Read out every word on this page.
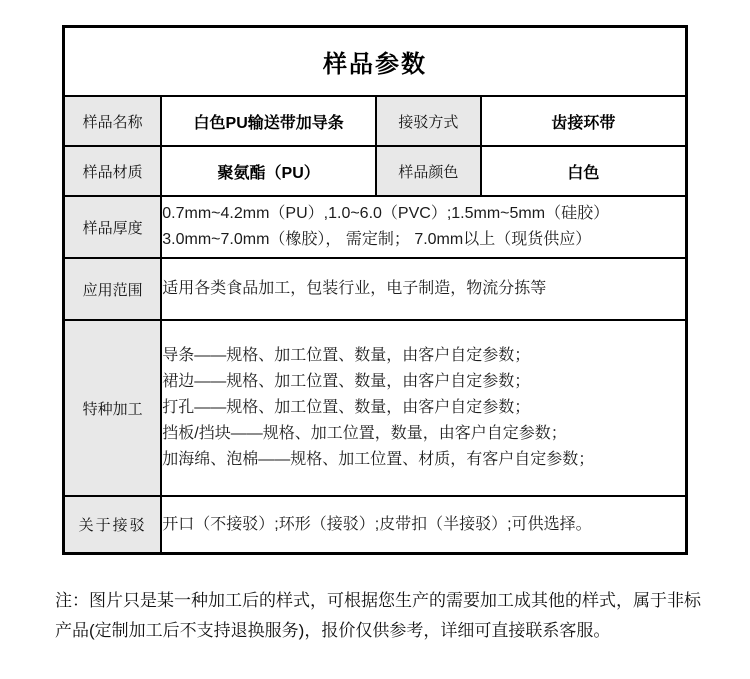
样品参数			
样品名称	白色PU输送带加导条	接驳方式	齿接环带
样品材质	聚氨酯（PU）	样品颜色	白色
样品厚度	0.7mm~4.2mm（PU）,1.0~6.0（PVC）;1.5mm~5mm（硅胶）
3.0mm~7.0mm（橡胶）， 需定制； 7.0mm以上（现货供应）		

应用范围	适用各类食品加工，包装行业，电子制造，物流分拣等		
特种加工	导条——规格、加工位置、数量，由客户自定参数；
裙边——规格、加工位置、数量，由客户自定参数；
打孔——规格、加工位置、数量，由客户自定参数；
挡板/挡块——规格、加工位置，数量，由客户自定参数；
加海绵、泡棉——规格、加工位置、材质，有客户自定参数；		

关于接驳	开口（不接驳）;环形（接驳）;皮带扣（半接驳）;可供选择。		
注：图片只是某一种加工后的样式，可根据您生产的需要加工成其他的样式，属于非标
产品(定制加工后不支持退换服务)，报价仅供参考，详细可直接联系客服。
